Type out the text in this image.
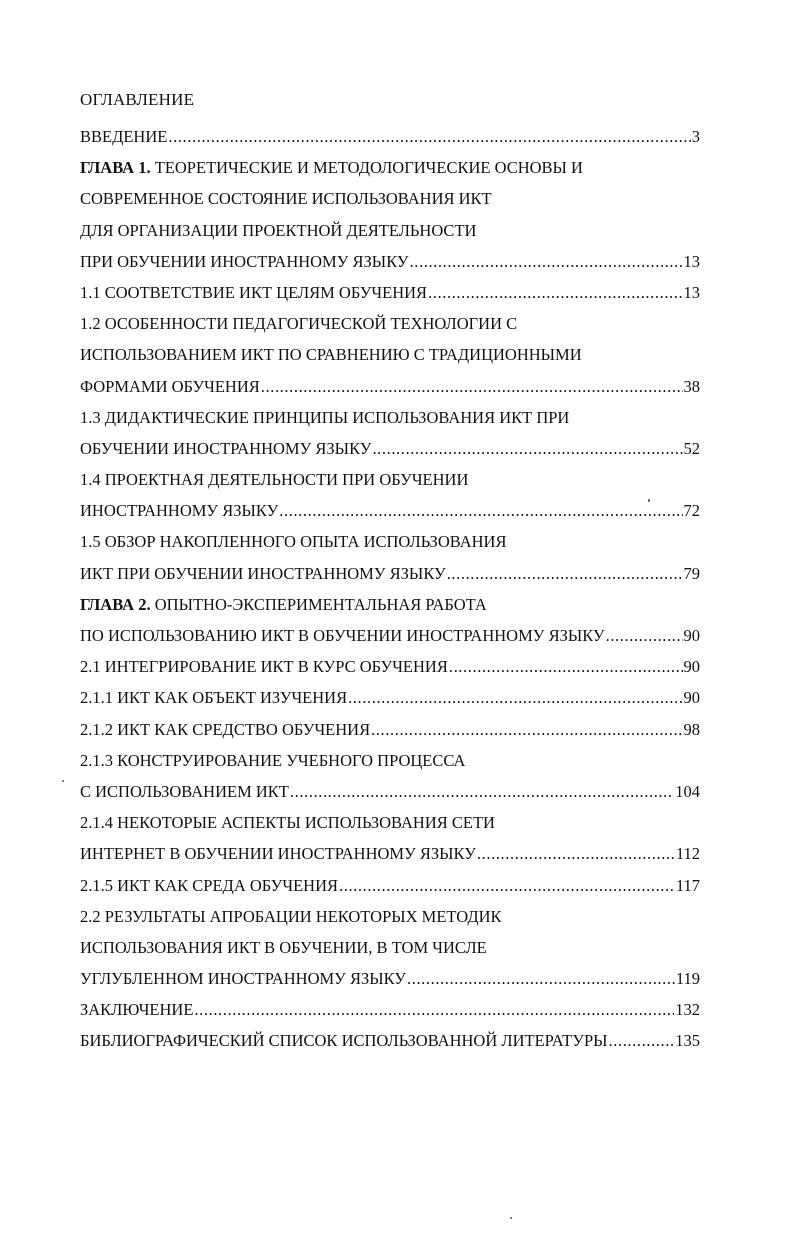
ОГЛАВЛЕНИЕ
ВВЕДЕНИЕ .....	3
ГЛАВА 1. ТЕОРЕТИЧЕСКИЕ И МЕТОДОЛОГИЧЕСКИЕ ОСНОВЫ И
СОВРЕМЕННОЕ СОСТОЯНИЕ ИСПОЛЬЗОВАНИЯ ИКТ
ДЛЯ ОРГАНИЗАЦИИ ПРОЕКТНОЙ ДЕЯТЕЛЬНОСТИ
ПРИ ОБУЧЕНИИ ИНОСТРАННОМУ ЯЗЫКУ .....	13
1.1 СООТВЕТСТВИЕ ИКТ ЦЕЛЯМ ОБУЧЕНИЯ .....	13
1.2 ОСОБЕННОСТИ ПЕДАГОГИЧЕСКОЙ ТЕХНОЛОГИИ С
ИСПОЛЬЗОВАНИЕМ ИКТ ПО СРАВНЕНИЮ С ТРАДИЦИОННЫМИ
ФОРМАМИ ОБУЧЕНИЯ .....	38
1.3 ДИДАКТИЧЕСКИЕ ПРИНЦИПЫ ИСПОЛЬЗОВАНИЯ ИКТ ПРИ
ОБУЧЕНИИ ИНОСТРАННОМУ ЯЗЫКУ .....	52
1.4 ПРОЕКТНАЯ ДЕЯТЕЛЬНОСТИ ПРИ ОБУЧЕНИИ
ИНОСТРАННОМУ ЯЗЫКУ .....	72
1.5 ОБЗОР НАКОПЛЕННОГО ОПЫТА ИСПОЛЬЗОВАНИЯ
ИКТ ПРИ ОБУЧЕНИИ ИНОСТРАННОМУ ЯЗЫКУ .....	79
ГЛАВА 2. ОПЫТНО-ЭКСПЕРИМЕНТАЛЬНАЯ РАБОТА
ПО ИСПОЛЬЗОВАНИЮ ИКТ В ОБУЧЕНИИ ИНОСТРАННОМУ ЯЗЫКУ .....	90
2.1 ИНТЕГРИРОВАНИЕ ИКТ В КУРС ОБУЧЕНИЯ .....	90
2.1.1 ИКТ КАК ОБЪЕКТ ИЗУЧЕНИЯ .....	90
2.1.2 ИКТ КАК СРЕДСТВО ОБУЧЕНИЯ .....	98
2.1.3 КОНСТРУИРОВАНИЕ УЧЕБНОГО ПРОЦЕССА
С ИСПОЛЬЗОВАНИЕМ ИКТ .....	104
2.1.4 НЕКОТОРЫЕ АСПЕКТЫ ИСПОЛЬЗОВАНИЯ СЕТИ
ИНТЕРНЕТ В ОБУЧЕНИИ ИНОСТРАННОМУ ЯЗЫКУ .....	112
2.1.5 ИКТ КАК СРЕДА ОБУЧЕНИЯ .....	117
2.2 РЕЗУЛЬТАТЫ АПРОБАЦИИ НЕКОТОРЫХ МЕТОДИК
ИСПОЛЬЗОВАНИЯ ИКТ В ОБУЧЕНИИ, В ТОМ ЧИСЛЕ
УГЛУБЛЕННОМ ИНОСТРАННОМУ ЯЗЫКУ .....	119
ЗАКЛЮЧЕНИЕ .....	132
БИБЛИОГРАФИЧЕСКИЙ СПИСОК ИСПОЛЬЗОВАННОЙ ЛИТЕРАТУРЫ .....	135
